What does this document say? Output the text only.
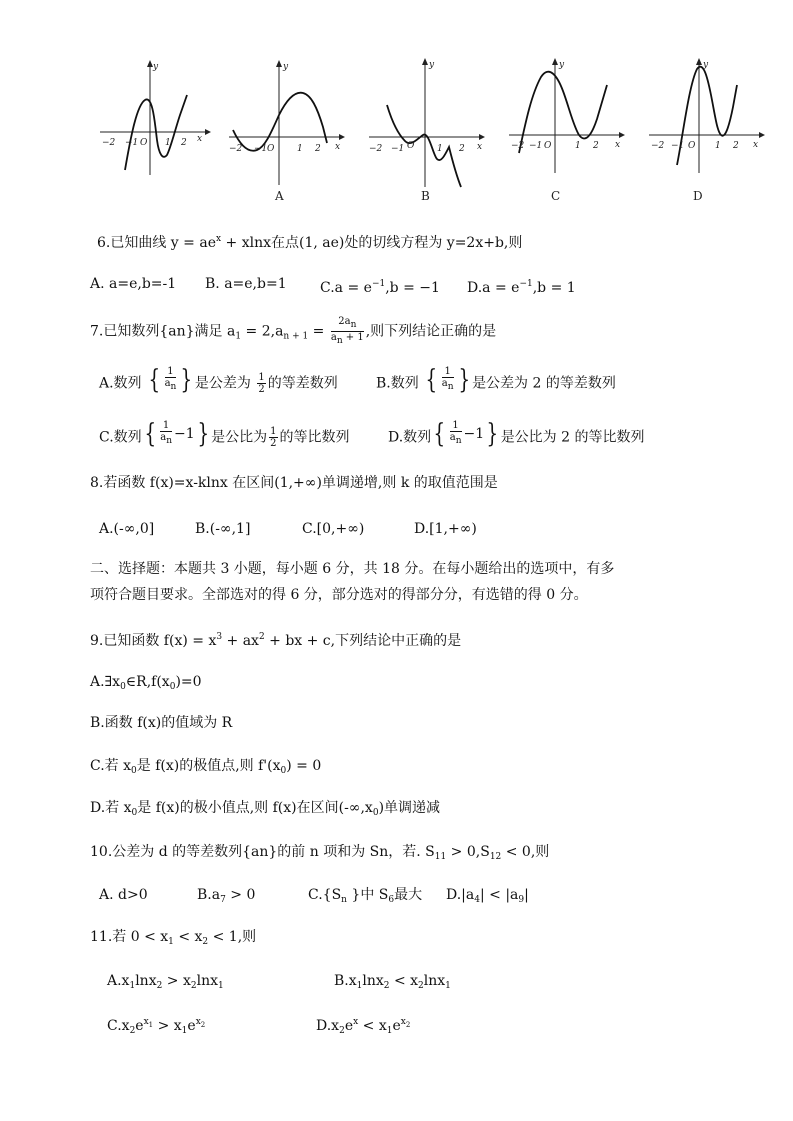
−2 −1 O 1 2 x
y
−2 −1 O	1 2 x
y
A
−2 −1 O	1 2 x
y
B
−2 −1 O	1 2 x
y
C
−2 −1 O 1 2 x
y
D
6.已知曲线 $y = ae^x + xlnx$在点(1, ae)处的切线方程为 y=2x+b,则
A. a=e,b=-1 B. a=e,b=1 $C.a = e^{-1},b = -1$ $D.a = e^{-1},b = 1$
7.已知数列{an}满足 $a_1 = 2,a_{n + 1} = \frac{2a_n}{a_n + 1}$ ,则下列结论正确的是
A.数列 { $\frac{1}{a_n}$ } 是公差为 $\frac{1}{2}$ 的等差数列	B.数列 { $\frac{1}{a_n}$ } 是公差为 2 的等差数列
C.数列 { $\frac{1}{a_n} -1$ } 是公比为 $\frac{1}{2}$ 的等比数列	D.数列 { $\frac{1}{a_n} -1$ } 是公比为 2 的等比数列
8.若函数 f(x)=x-klnx 在区间(1,+∞)单调递增,则 k 的取值范围是
A.(-∞,0]	B.(-∞,1]	C.[0,+∞)	D.[1,+∞)
二、选择题：本题共 3 小题，每小题 6 分，共 18 分。在每小题给出的选项中，有多
项符合题目要求。全部选对的得 6 分，部分选对的得部分分，有选错的得 0 分。
9.已知函数 $f(x) = x^3 + ax^2$ + bx + c,下列结论中正确的是
$A.\exists x_0\in R,f(x_0)=0$
B.函数 f(x)的值域为 R
C.若 $x_0$是 f(x)的极值点,则 $f'(x_0) = 0$
D.若 $x_0$是 f(x)的极小值点,则 f(x)在区间$(-\infty,x_0)$单调递减
10.公差为 d 的等差数列{an}的前 n 项和为 Sn，若. $S_{11} > 0,S_{12} < 0$,则
A. d>0	$B.a_7 > 0$	$C.\{S_n$ }中 $S_6$最大 $D.|a_4| < |a_9|$
11.若 $0 < x_1 < x_2 < 1$,则
$A.x_1\ln x_2 > x_2\ln x_1$	$B.x_1\ln x_2 < x_2\ln x_1$
$C.x_2e^{x_1} > x_1e^{x_2}$	$D.x_2e^x < x_1e^{x_2}$
